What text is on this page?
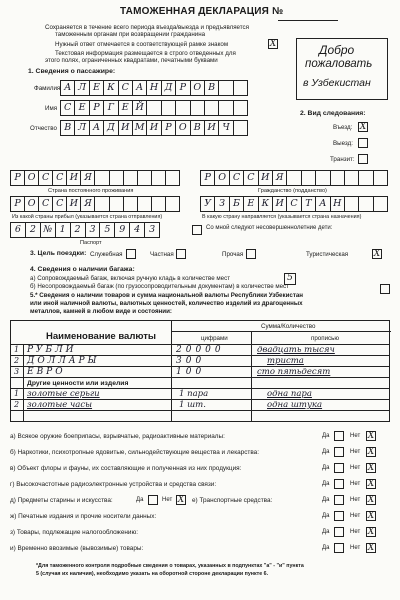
ТАМОЖЕННАЯ ДЕКЛАРАЦИЯ №
Сохраняется в течение всего периода въезда/выезда и предъявляется
таможенным органам при возвращении гражданина
Нужный ответ отмечается в соответствующей рамке знаком	X
Текстовая информация размещается в строго отведенных для
этого полях, ограниченных квадратами, печатными буквами
Добро
пожаловать
в Узбекистан
1. Сведения о пассажире:
Фамилия А Л Е К С А Н Д Р О В
Имя С Е Р Г Е Й
Отчество В Л А Д И М И Р О В И Ч
2. Вид следования:
Въезд: X
Выезд:
Транзит:
Р О С С И Я
Страна постоянного проживания
Р О С С И Я
Гражданство (подданство)
Р О С С И Я
Из какой страны прибыл (указывается страна отправления)
У З Б Е К И С Т А Н
В какую страну направляется (указывается страна назначения)
6 2 № 1 2 3 5 9 4 3
Паспорт
Со мной следуют несовершеннолетние дети:
3. Цель поездки: Служебная	Частная	Прочая	Туристическая	X
4. Сведения о наличии багажа:
а) Сопровождаемый багаж, включая ручную кладь в количестве мест	5
б) Несопровождаемый багаж (по грузосопроводительным документам) в количестве мест
5.* Сведения о наличии товаров и сумма национальной валюты Республики Узбекистан
или иной наличной валюты, валютных ценностей, количество изделий из драгоценных
металлов, камней в любом виде и состоянии:
Наименование валюты
Сумма/Количество
цифрами	прописью
1 РУБЛИ	20000	двадцать тысяч
2 ДОЛЛАРЫ	300	триста
3 ЕВРО	100	сто пятьдесят
Другие ценности или изделия
1 золотые серьги	1 пара	одна пара
2 золотые часы	1 шт.	одна штука
а) Всякое оружие боеприпасы, взрывчатые, радиоактивные материалы:	Да	Нет X
б) Наркотики, психотропные ядовитые, сильнодействующие вещества и лекарства:	Да	Нет X
в) Объект флоры и фауны, их составляющие и полученная из них продукция:	Да	Нет X
г) Высокочастотные радиоэлектронные устройства и средства связи:	Да	Нет X
д) Предметы старины и искусства:	Да	Нет X е) Транспортные средства:	Да	Нет X
ж) Печатные издания и прочие носители данных:	Да	Нет X
з) Товары, подлежащие налогообложению:	Да	Нет X
и) Временно ввозимые (вывозимые) товары:	Да	Нет X
*Для таможенного контроля подробные сведения о товарах, указанных в подпунктах "а" - "и" пункта
5 (случая их наличия), необходимо указать на оборотной стороне декларации пункте 6.
